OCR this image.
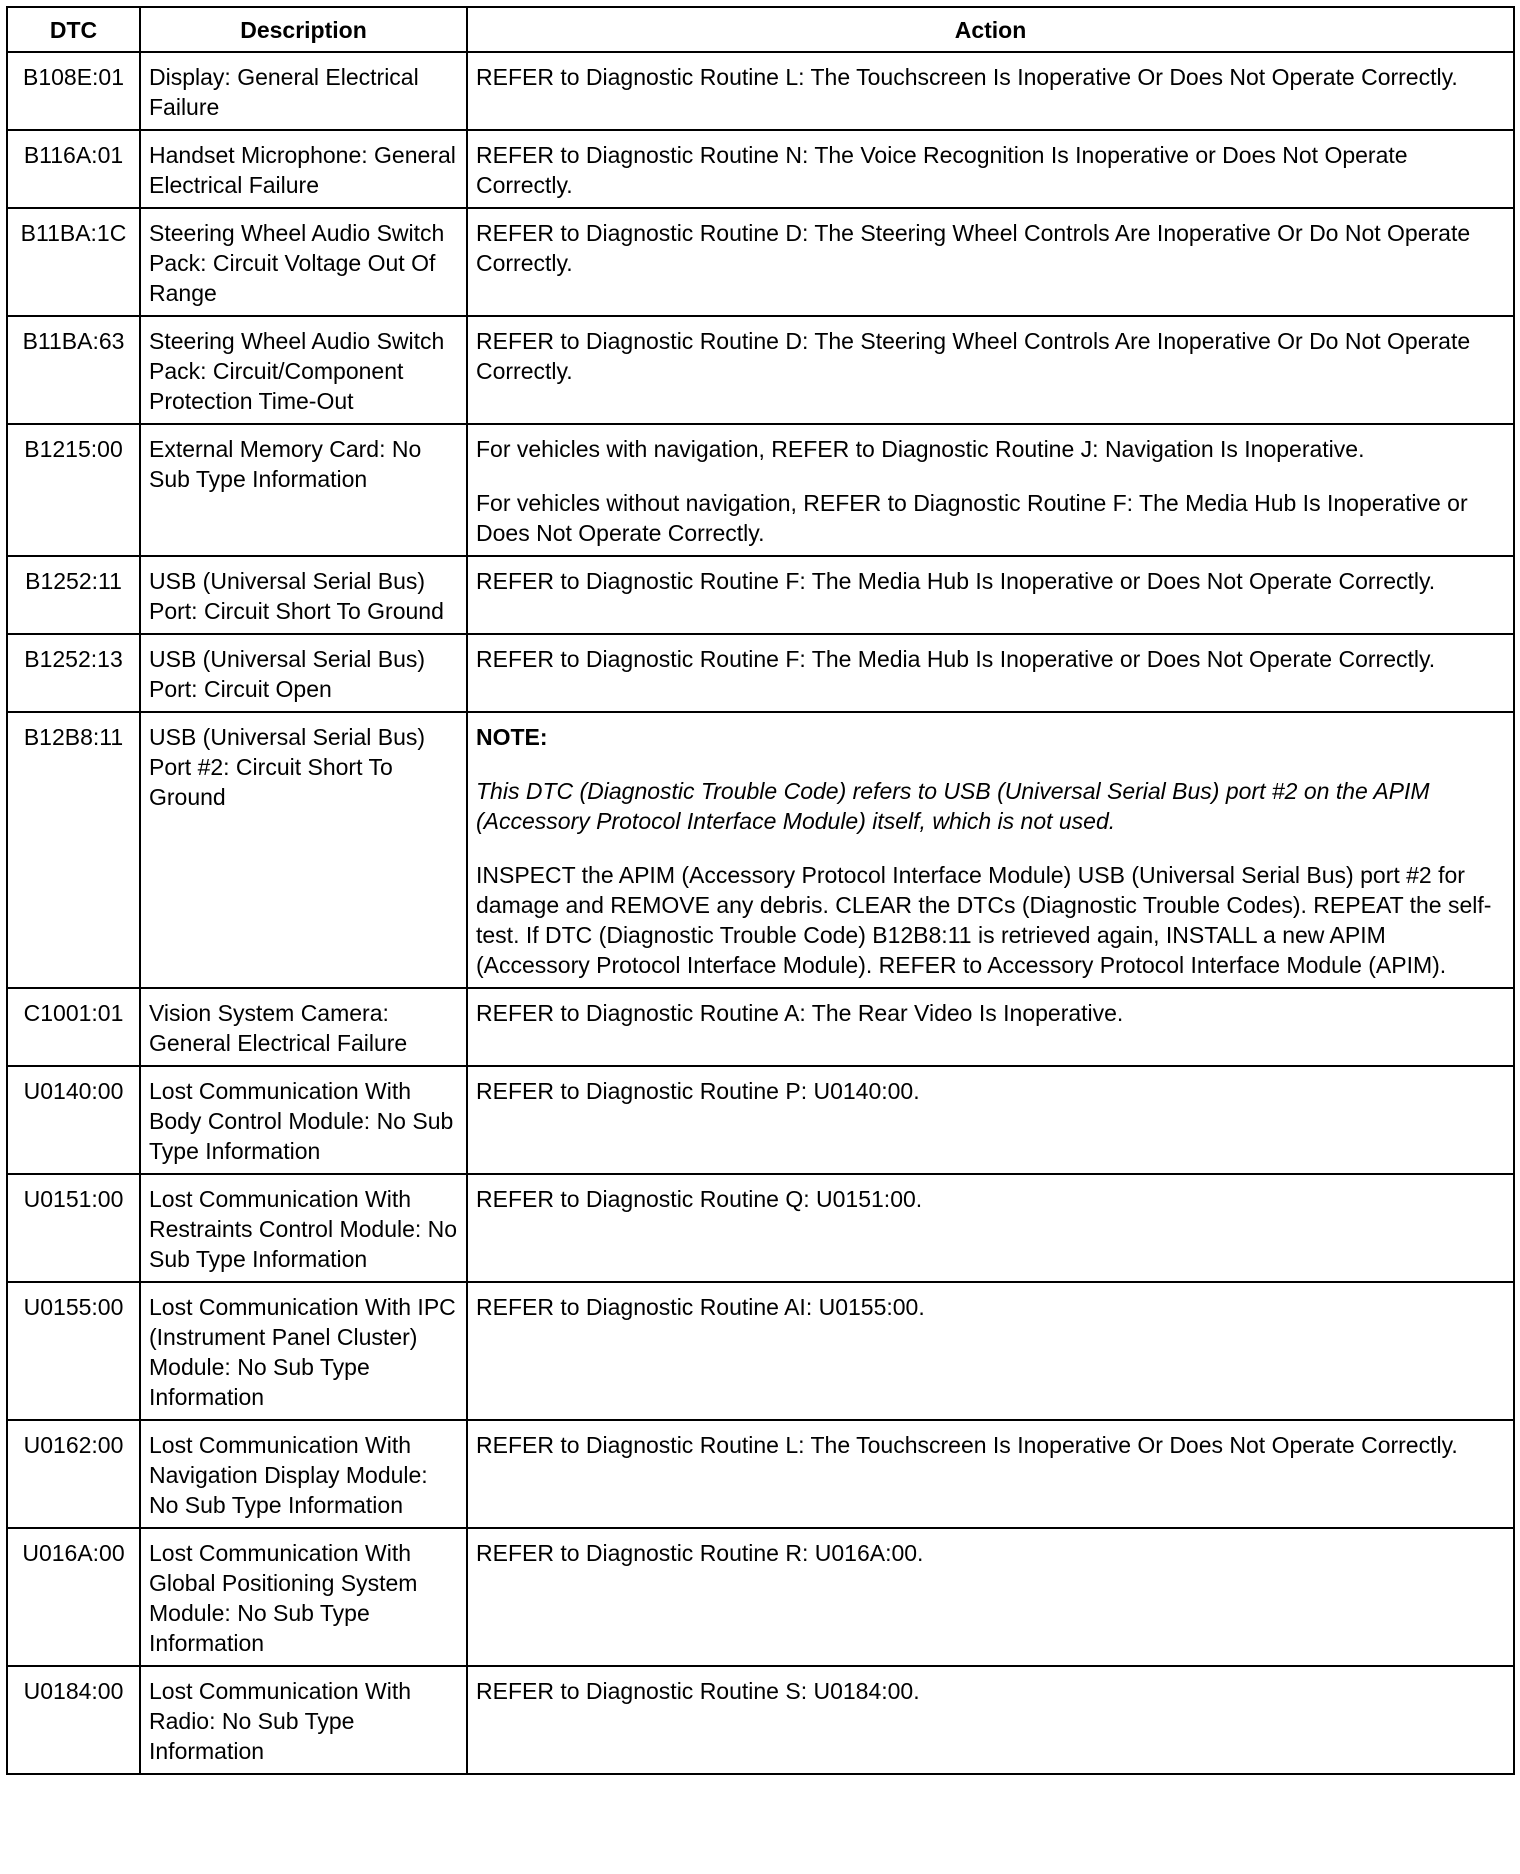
DTC	Description	Action
B108E:01	Display: General Electrical Failure	REFER to Diagnostic Routine L: The Touchscreen Is Inoperative Or Does Not Operate Correctly.

B116A:01	Handset Microphone: General Electrical Failure	REFER to Diagnostic Routine N: The Voice Recognition Is Inoperative or Does Not Operate Correctly.

B11BA:1C	Steering Wheel Audio Switch Pack: Circuit Voltage Out Of Range	REFER to Diagnostic Routine D: The Steering Wheel Controls Are Inoperative Or Do Not Operate Correctly.

B11BA:63	Steering Wheel Audio Switch Pack: Circuit/Component Protection Time-Out	REFER to Diagnostic Routine D: The Steering Wheel Controls Are Inoperative Or Do Not Operate Correctly.

B1215:00	External Memory Card: No Sub Type Information	For vehicles with navigation, REFER to Diagnostic Routine J: Navigation Is Inoperative.
For vehicles without navigation, REFER to Diagnostic Routine F: The Media Hub Is Inoperative or Does Not Operate Correctly.

B1252:11	USB (Universal Serial Bus) Port: Circuit Short To Ground	REFER to Diagnostic Routine F: The Media Hub Is Inoperative or Does Not Operate Correctly.

B1252:13	USB (Universal Serial Bus) Port: Circuit Open	REFER to Diagnostic Routine F: The Media Hub Is Inoperative or Does Not Operate Correctly.

B12B8:11	USB (Universal Serial Bus) Port #2: Circuit Short To Ground	NOTE:
This DTC (Diagnostic Trouble Code) refers to USB (Universal Serial Bus) port #2 on the APIM (Accessory Protocol Interface Module) itself, which is not used.
INSPECT the APIM (Accessory Protocol Interface Module) USB (Universal Serial Bus) port #2 for damage and REMOVE any debris. CLEAR the DTCs (Diagnostic Trouble Codes). REPEAT the self-test. If DTC (Diagnostic Trouble Code) B12B8:11 is retrieved again, INSTALL a new APIM (Accessory Protocol Interface Module). REFER to Accessory Protocol Interface Module (APIM).

C1001:01	Vision System Camera: General Electrical Failure	REFER to Diagnostic Routine A: The Rear Video Is Inoperative.

U0140:00	Lost Communication With Body Control Module: No Sub Type Information	REFER to Diagnostic Routine P: U0140:00.

U0151:00	Lost Communication With Restraints Control Module: No Sub Type Information	REFER to Diagnostic Routine Q: U0151:00.

U0155:00	Lost Communication With IPC (Instrument Panel Cluster) Module: No Sub Type Information	REFER to Diagnostic Routine AI: U0155:00.

U0162:00	Lost Communication With Navigation Display Module: No Sub Type Information	REFER to Diagnostic Routine L: The Touchscreen Is Inoperative Or Does Not Operate Correctly.

U016A:00	Lost Communication With Global Positioning System Module: No Sub Type Information	REFER to Diagnostic Routine R: U016A:00.

U0184:00	Lost Communication With Radio: No Sub Type Information	REFER to Diagnostic Routine S: U0184:00.
